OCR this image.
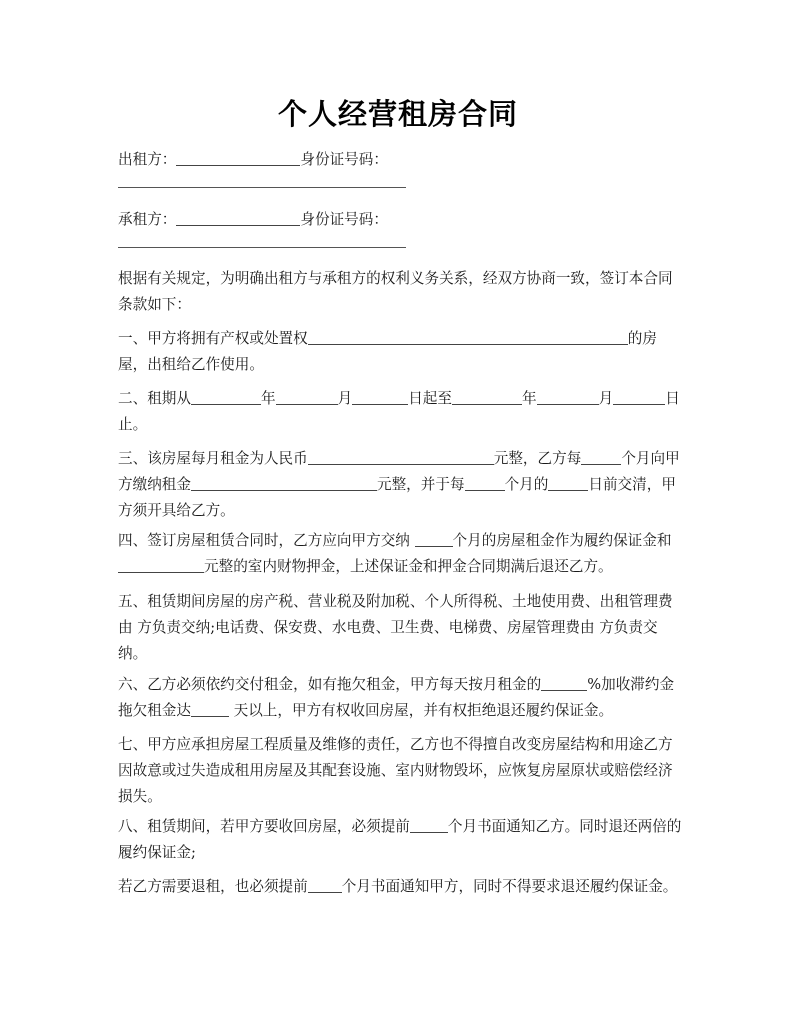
个人经营租房合同

出租方：	身份证号码：

承租方：	身份证号码：

根据有关规定，为明确出租方与承租方的权利义务关系，经双方协商一致，签订本合同条款如下：

一、甲方将拥有产权或处置权	的房屋，出租给乙作使用。

二、租期从	年	月	日起至	年	月	日止。

三、该房屋每月租金为人民币	元整，乙方每	个月向甲方缴纳租金	元整，并于每	个月的	日前交清，甲方须开具给乙方。

四、签订房屋租赁合同时，乙方应向甲方交纳	个月的房屋租金作为履约保证金和元整的室内财物押金，上述保证金和押金合同期满后退还乙方。

五、租赁期间房屋的房产税、营业税及附加税、个人所得税、土地使用费、出租管理费由 方负责交纳;电话费、保安费、水电费、卫生费、电梯费、房屋管理费由 方负责交纳。

六、乙方必须依约交付租金，如有拖欠租金，甲方每天按月租金的	%加收滞约金拖欠租金达	天以上，甲方有权收回房屋，并有权拒绝退还履约保证金。

七、甲方应承担房屋工程质量及维修的责任，乙方也不得擅自改变房屋结构和用途乙方因故意或过失造成租用房屋及其配套设施、室内财物毁坏，应恢复房屋原状或赔偿经济损失。

八、租赁期间，若甲方要收回房屋，必须提前	个月书面通知乙方。同时退还两倍的履约保证金;

若乙方需要退租，也必须提前 个月书面通知甲方，同时不得要求退还履约保证金。
